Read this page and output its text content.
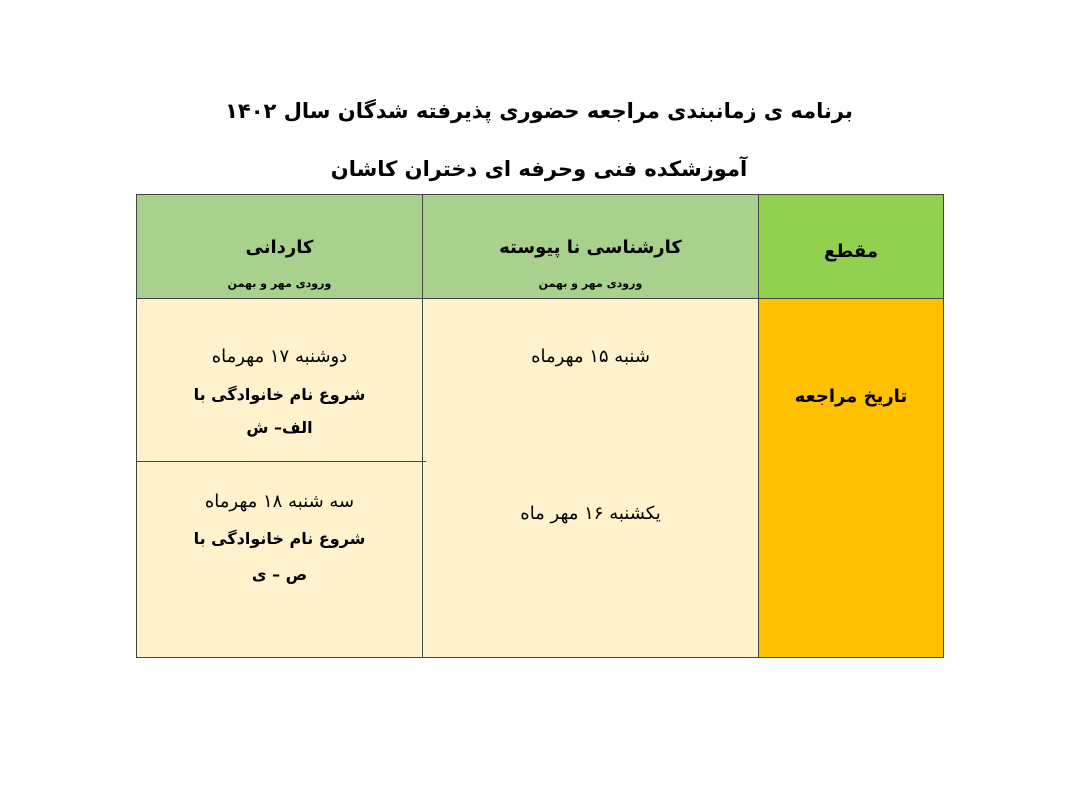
برنامه ی زمانبندی مراجعه حضوری پذیرفته شدگان سال ۱۴۰۲
آموزشکده فنی وحرفه ای دختران کاشان
مقطع
کارشناسی نا پیوسته
ورودی مهر و بهمن
کاردانی
ورودی مهر و بهمن
تاریخ مراجعه
شنبه ۱۵ مهرماه
یکشنبه ۱۶ مهر ماه
دوشنبه ۱۷ مهرماه
شروع نام خانوادگی با
الف– ش
سه شنبه ۱۸ مهرماه
شروع نام خانوادگی با
ص – ی
